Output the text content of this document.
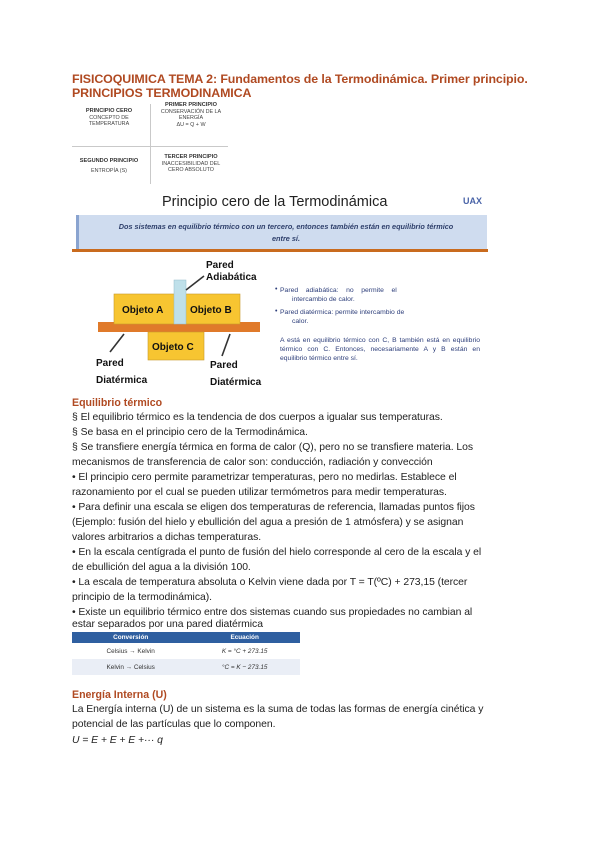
FISICOQUIMICA TEMA 2: Fundamentos de la Termodinámica. Primer principio.
PRINCIPIOS TERMODINAMICA
PRINCIPIO CERO
CONCEPTO DE
TEMPERATURA
PRIMER PRINCIPIO
CONSERVACIÓN DE LA
ENERGÍA
ΔU = Q + W
SEGUNDO PRINCIPIO
ENTROPÍA (S)
TERCER PRINCIPIO
INACCESIBILIDAD DEL
CERO ABSOLUTO
Principio cero de la Termodinámica	UAX
Dos sistemas en equilibrio térmico con un tercero, entonces también están en equilibrio térmico
entre sí.
Pared
Adiabática
Objeto A	Objeto B
Objeto C
Pared
Diatérmica
Pared
Diatérmica
Pared    adiabática:    no    permite    el
intercambio de calor.
Pared diatérmica: permite intercambio de
calor.
•
•
A está en equilibrio térmico con C, B también está en equilibrio térmico con C. Entonces, necesariamente A y B están en equilibrio térmico entre sí.
Equilibrio térmico
§ El equilibrio térmico es la tendencia de dos cuerpos a igualar sus temperaturas.
§ Se basa en el principio cero de la Termodinámica.
§ Se transfiere energía térmica en forma de calor (Q), pero no se transfiere materia. Los
mecanismos de transferencia de calor son: conducción, radiación y convección
• El principio cero permite parametrizar temperaturas, pero no medirlas. Establece el
razonamiento por el cual se pueden utilizar termómetros para medir temperaturas.
• Para definir una escala se eligen dos temperaturas de referencia, llamadas puntos fijos
(Ejemplo: fusión del hielo y ebullición del agua a presión de 1 atmósfera) y se asignan
valores arbitrarios a dichas temperaturas.
• En la escala centígrada el punto de fusión del hielo corresponde al cero de la escala y el
de ebullición del agua a la división 100.
• La escala de temperatura absoluta o Kelvin viene dada por T = T(ºC) + 273,15 (tercer
principio de la termodinámica).
• Existe un equilibrio térmico entre dos sistemas cuando sus propiedades no cambian al
estar separados por una pared diatérmica
Conversión	Ecuación
Celsius → Kelvin	K = °C + 273.15
Kelvin → Celsius	°C = K − 273.15
Energía Interna (U)
La Energía interna (U) de un sistema es la suma de todas las formas de energía cinética y
potencial de las partículas que lo componen.
U = E + E + E +··· q
